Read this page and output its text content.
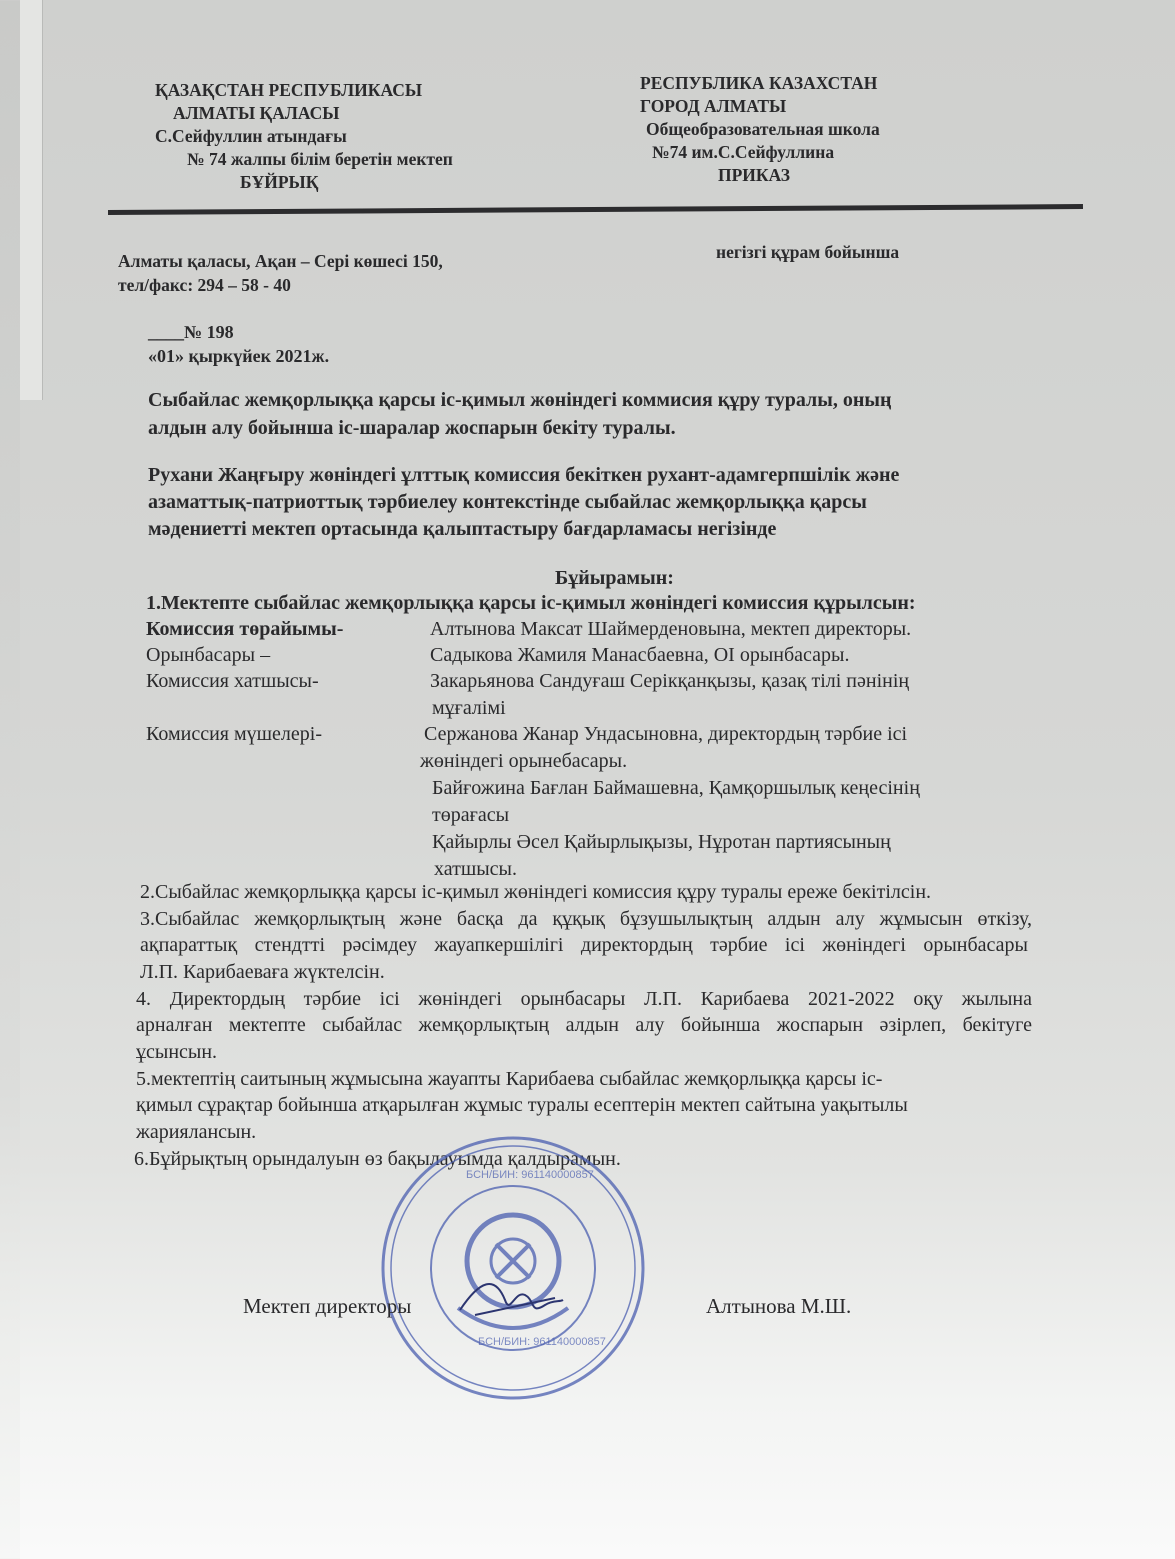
ҚАЗАҚСТАН РЕСПУБЛИКАСЫ
АЛМАТЫ ҚАЛАСЫ
С.Сейфуллин атындағы
№ 74 жалпы білім беретін мектеп
БҰЙРЫҚ
РЕСПУБЛИКА КАЗАХСТАН
ГОРОД АЛМАТЫ
Общеобразовательная школа
№74 им.С.Сейфуллина
ПРИКАЗ
Алматы қаласы, Ақан – Сері көшесі 150,
тел/факс: 294 – 58 - 40
негізгі құрам бойынша
____№ 198
«01» қыркүйек 2021ж.
Сыбайлас жемқорлыққа қарсы іс-қимыл жөніндегі коммисия құру туралы, оның
алдын алу бойынша іс-шаралар жоспарын бекіту туралы.
Рухани Жаңғыру жөніндегі ұлттық комиссия бекіткен рухант-адамгерпшілік және
азаматтық-патриоттық тәрбиелеу контекстінде сыбайлас жемқорлыққа қарсы
мәдениетті мектеп ортасында қалыптастыру бағдарламасы негізінде
Бұйырамын:
1.Мектепте сыбайлас жемқорлыққа қарсы іс-қимыл жөніндегі комиссия құрылсын:
Комиссия төрайымы-	Алтынова Максат Шаймерденовына, мектеп директоры.
Орынбасары –	Садыкова Жамиля Манасбаевна, ОІ орынбасары.
Комиссия хатшысы-	Закарьянова Сандуғаш Серікқанқызы, қазақ тілі пәнінің
мұғалімі
Комиссия мүшелері-	Сержанова Жанар Ундасыновна, директордың тәрбие ісі
жөніндегі орынебасары.
Байғожина Бағлан Баймашевна, Қамқоршылық кеңесінің
төрағасы
Қайырлы Әсел Қайырлықызы, Нұротан партиясының
хатшысы.
2.Сыбайлас жемқорлыққа қарсы іс-қимыл жөніндегі комиссия құру туралы ереже бекітілсін.
3.Сыбайлас жемқорлықтың және басқа да құқық бұзушылықтың алдын алу жұмысын өткізу,
ақпараттық стендтті рәсімдеу жауапкершілігі директордың тәрбие ісі жөніндегі орынбасары
Л.П. Карибаеваға жүктелсін.
4. Директордың тәрбие ісі жөніндегі орынбасары Л.П. Карибаева 2021-2022 оқу жылына
арналған мектепте сыбайлас жемқорлықтың алдын алу бойынша жоспарын әзірлеп, бекітуге
ұсынсын.
5.мектептің саитының жұмысына жауапты Карибаева сыбайлас жемқорлыққа қарсы іс-
қимыл сұрақтар бойынша атқарылған жұмыс туралы есептерін мектеп сайтына уақытылы
жариялансын.
6.Бұйрықтың орындалуын өз бақылауымда қалдырамын.
БСН/БИН: 961140000857
БСН/БИН: 961140000857
Мектеп директоры	Алтынова М.Ш.
